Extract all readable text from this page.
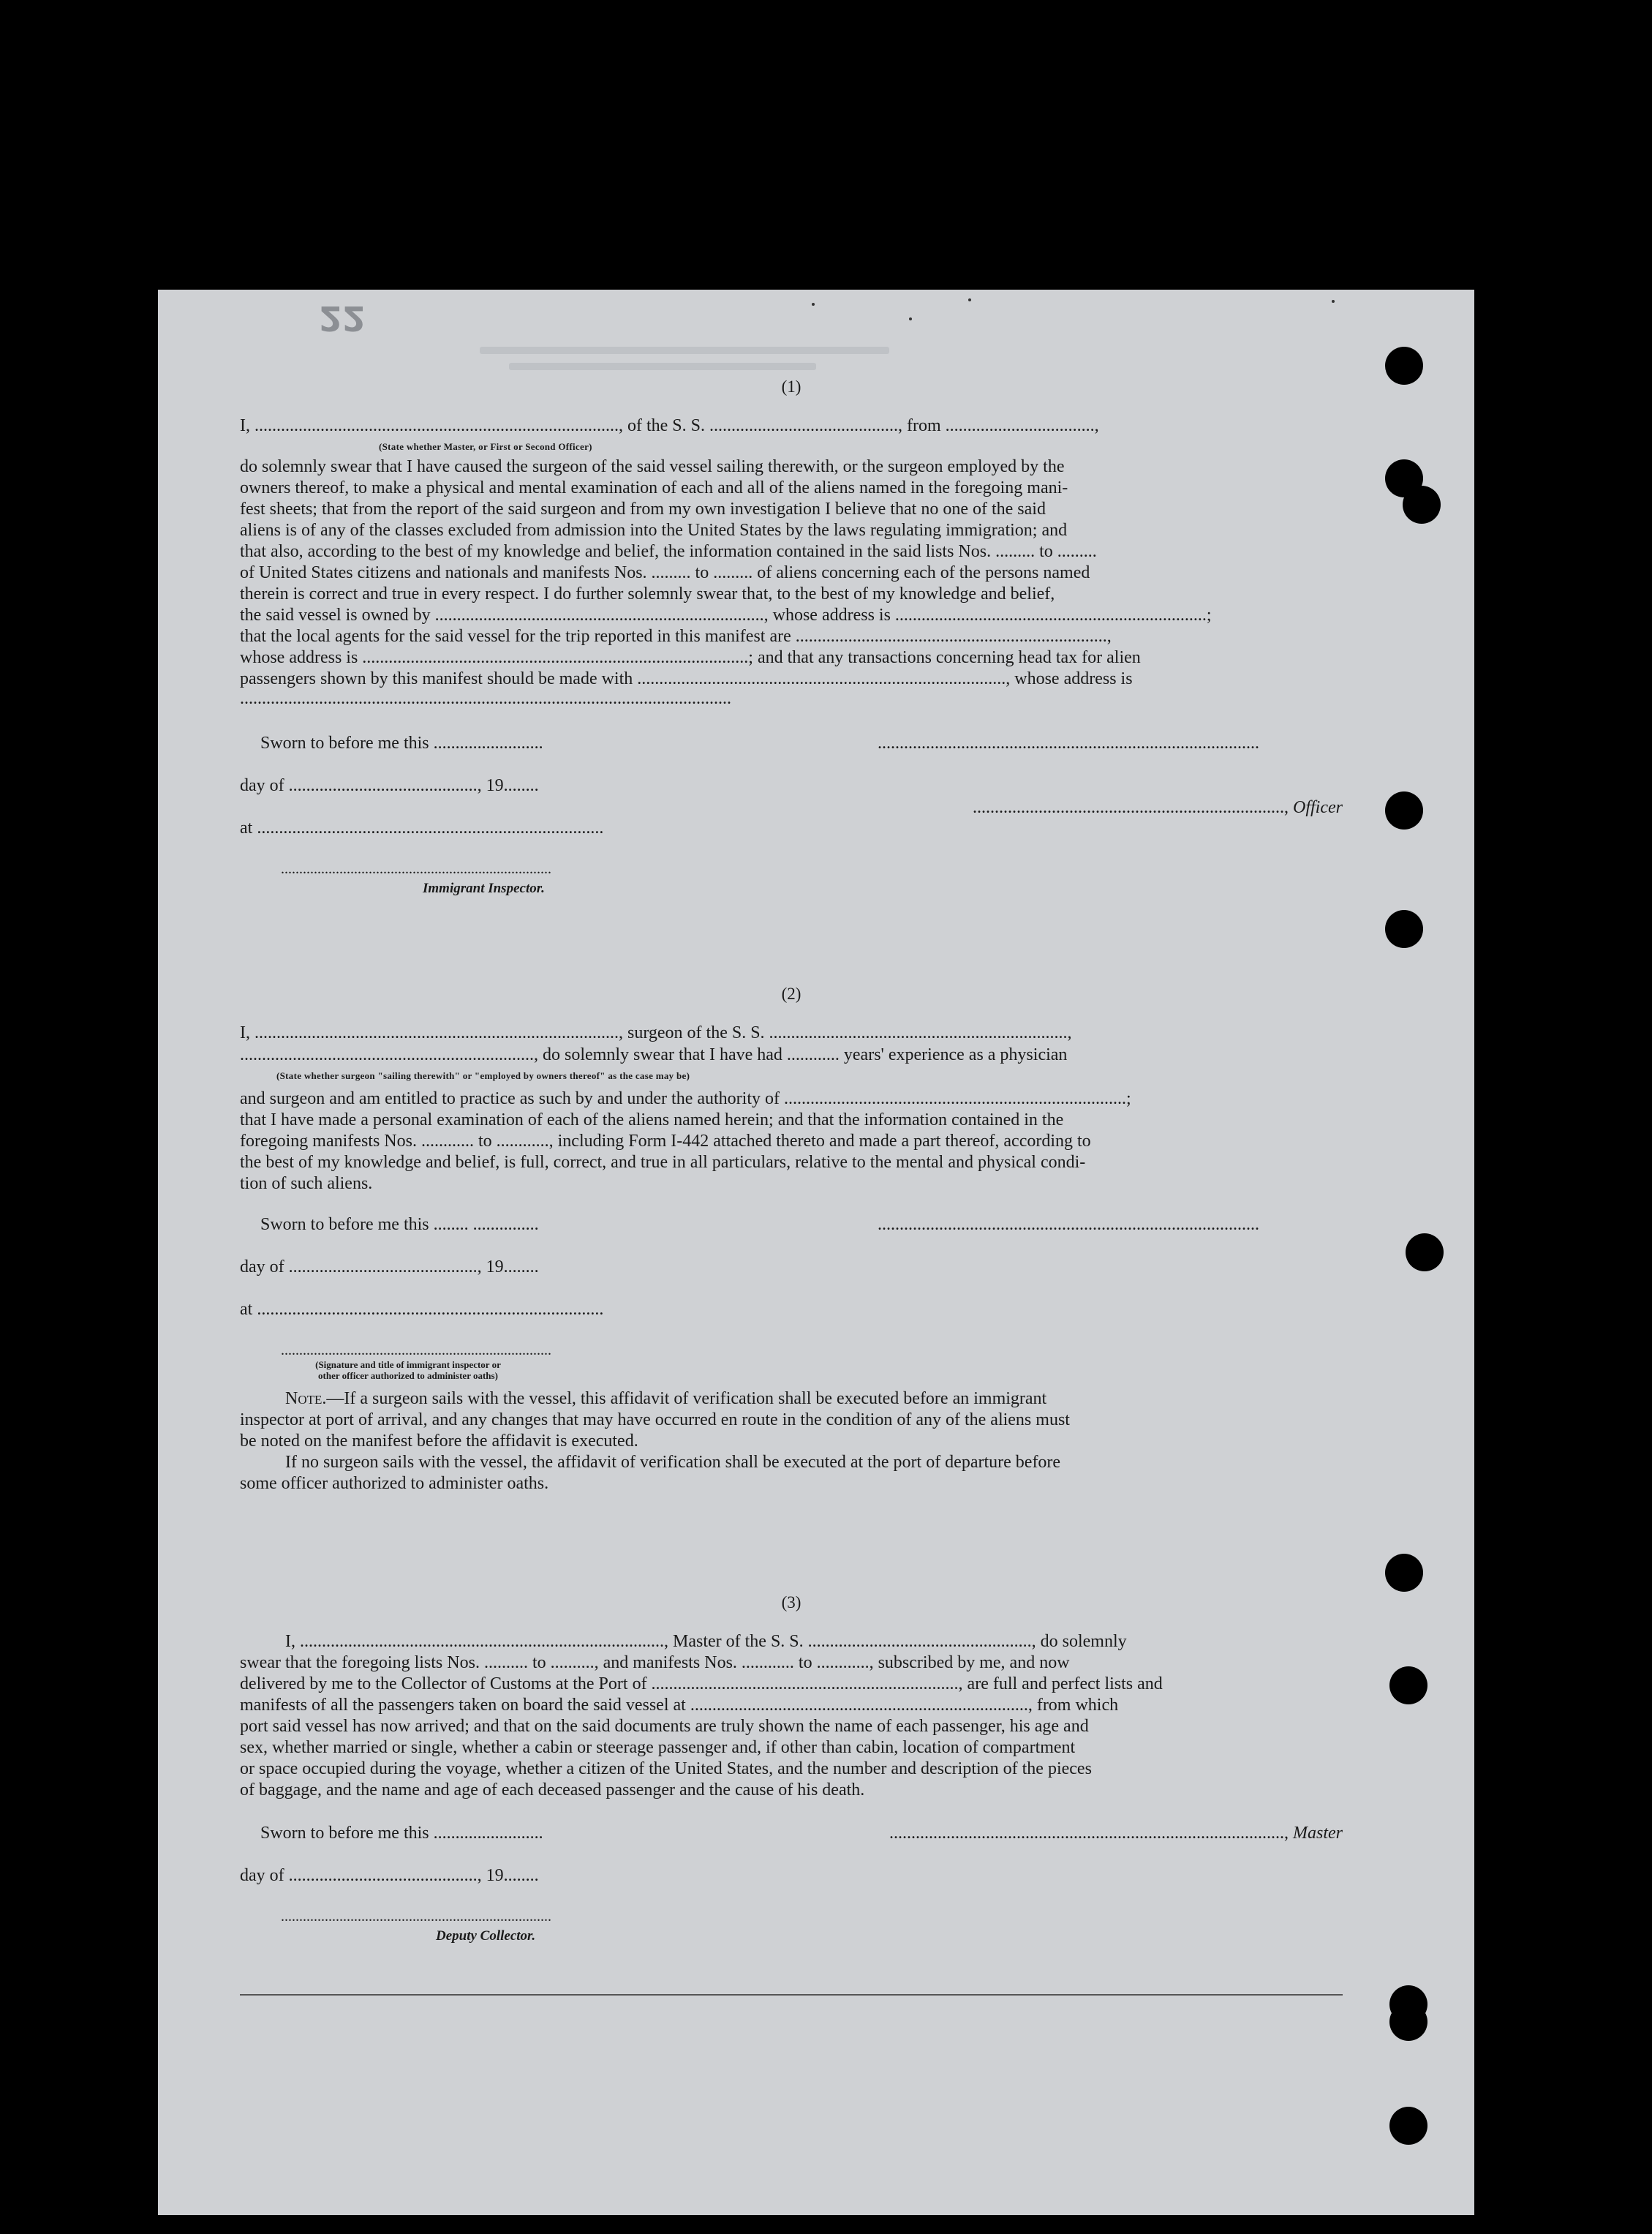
22
(1)
I, ..................................................................................., of the S. S. ..........................................., from ..................................,
(State whether Master, or First or Second Officer)
do solemnly swear that I have caused the surgeon of the said vessel sailing therewith, or the surgeon employed by the
owners thereof, to make a physical and mental examination of each and all of the aliens named in the foregoing mani-
fest sheets; that from the report of the said surgeon and from my own investigation I believe that no one of the said
aliens is of any of the classes excluded from admission into the United States by the laws regulating immigration; and
that also, according to the best of my knowledge and belief, the information contained in the said lists Nos. ......... to .........
of United States citizens and nationals and manifests Nos. ......... to ......... of aliens concerning each of the persons named
therein is correct and true in every respect. I do further solemnly swear that, to the best of my knowledge and belief,
the said vessel is owned by ..........................................................................., whose address is .......................................................................;
that the local agents for the said vessel for the trip reported in this manifest are .......................................................................,
whose address is ........................................................................................; and that any transactions concerning head tax for alien
passengers shown by this manifest should be made with ...................................................................................., whose address is
................................................................................................................
Sworn to before me this .........................	.......................................................................................
day of ..........................................., 19........
at ...............................................................................
......................................................................., Officer
..........................................................................
Immigrant Inspector.
(2)
I, ..................................................................................., surgeon of the S. S. ....................................................................,
..................................................................., do solemnly swear that I have had ............ years' experience as a physician
(State whether surgeon "sailing therewith" or "employed by owners thereof" as the case may be)
and surgeon and am entitled to practice as such by and under the authority of ..............................................................................;
that I have made a personal examination of each of the aliens named herein; and that the information contained in the
foregoing manifests Nos. ............ to ............, including Form I-442 attached thereto and made a part thereof, according to
the best of my knowledge and belief, is full, correct, and true in all particulars, relative to the mental and physical condi-
tion of such aliens.
Sworn to before me this ........ ...............	.......................................................................................
day of ..........................................., 19........
at ...............................................................................
..........................................................................
(Signature and title of immigrant inspector or
other officer authorized to administer oaths)
Note.—If a surgeon sails with the vessel, this affidavit of verification shall be executed before an immigrant
inspector at port of arrival, and any changes that may have occurred en route in the condition of any of the aliens must
be noted on the manifest before the affidavit is executed.
If no surgeon sails with the vessel, the affidavit of verification shall be executed at the port of departure before
some officer authorized to administer oaths.
(3)
I, ..................................................................................., Master of the S. S. ..................................................., do solemnly
swear that the foregoing lists Nos. .......... to .........., and manifests Nos. ............ to ............, subscribed by me, and now
delivered by me to the Collector of Customs at the Port of ......................................................................, are full and perfect lists and
manifests of all the passengers taken on board the said vessel at ............................................................................., from which
port said vessel has now arrived; and that on the said documents are truly shown the name of each passenger, his age and
sex, whether married or single, whether a cabin or steerage passenger and, if other than cabin, location of compartment
or space occupied during the voyage, whether a citizen of the United States, and the number and description of the pieces
of baggage, and the name and age of each deceased passenger and the cause of his death.
Sworn to before me this .........................	.........................................................................................., Master
day of ..........................................., 19........
..........................................................................
Deputy Collector.
